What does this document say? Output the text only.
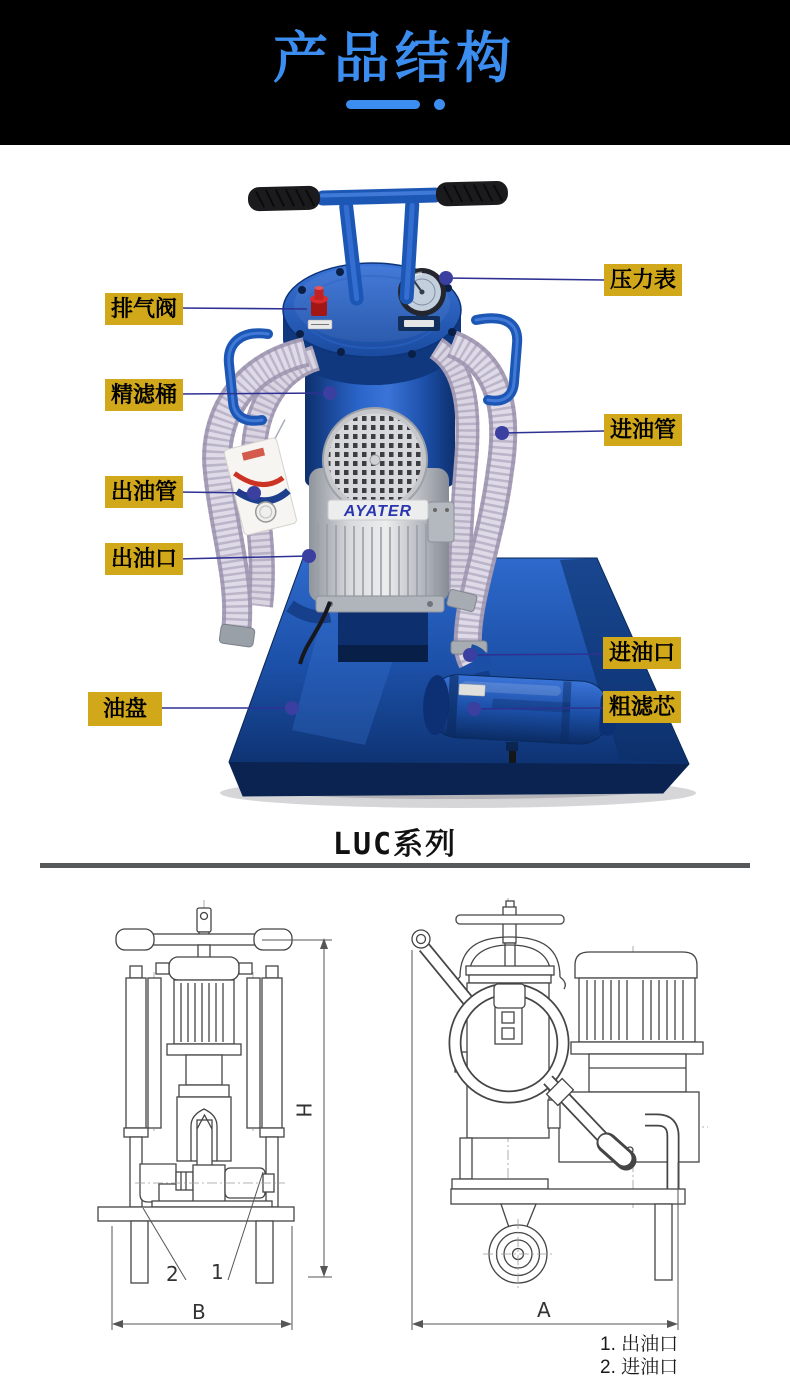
产品结构
AYATER
排气阀
精滤桶
出油管
出油口
油盘
压力表
进油管
进油口
粗滤芯
LUC系列
H
B	A
2 1
1. 出油口
2. 进油口
